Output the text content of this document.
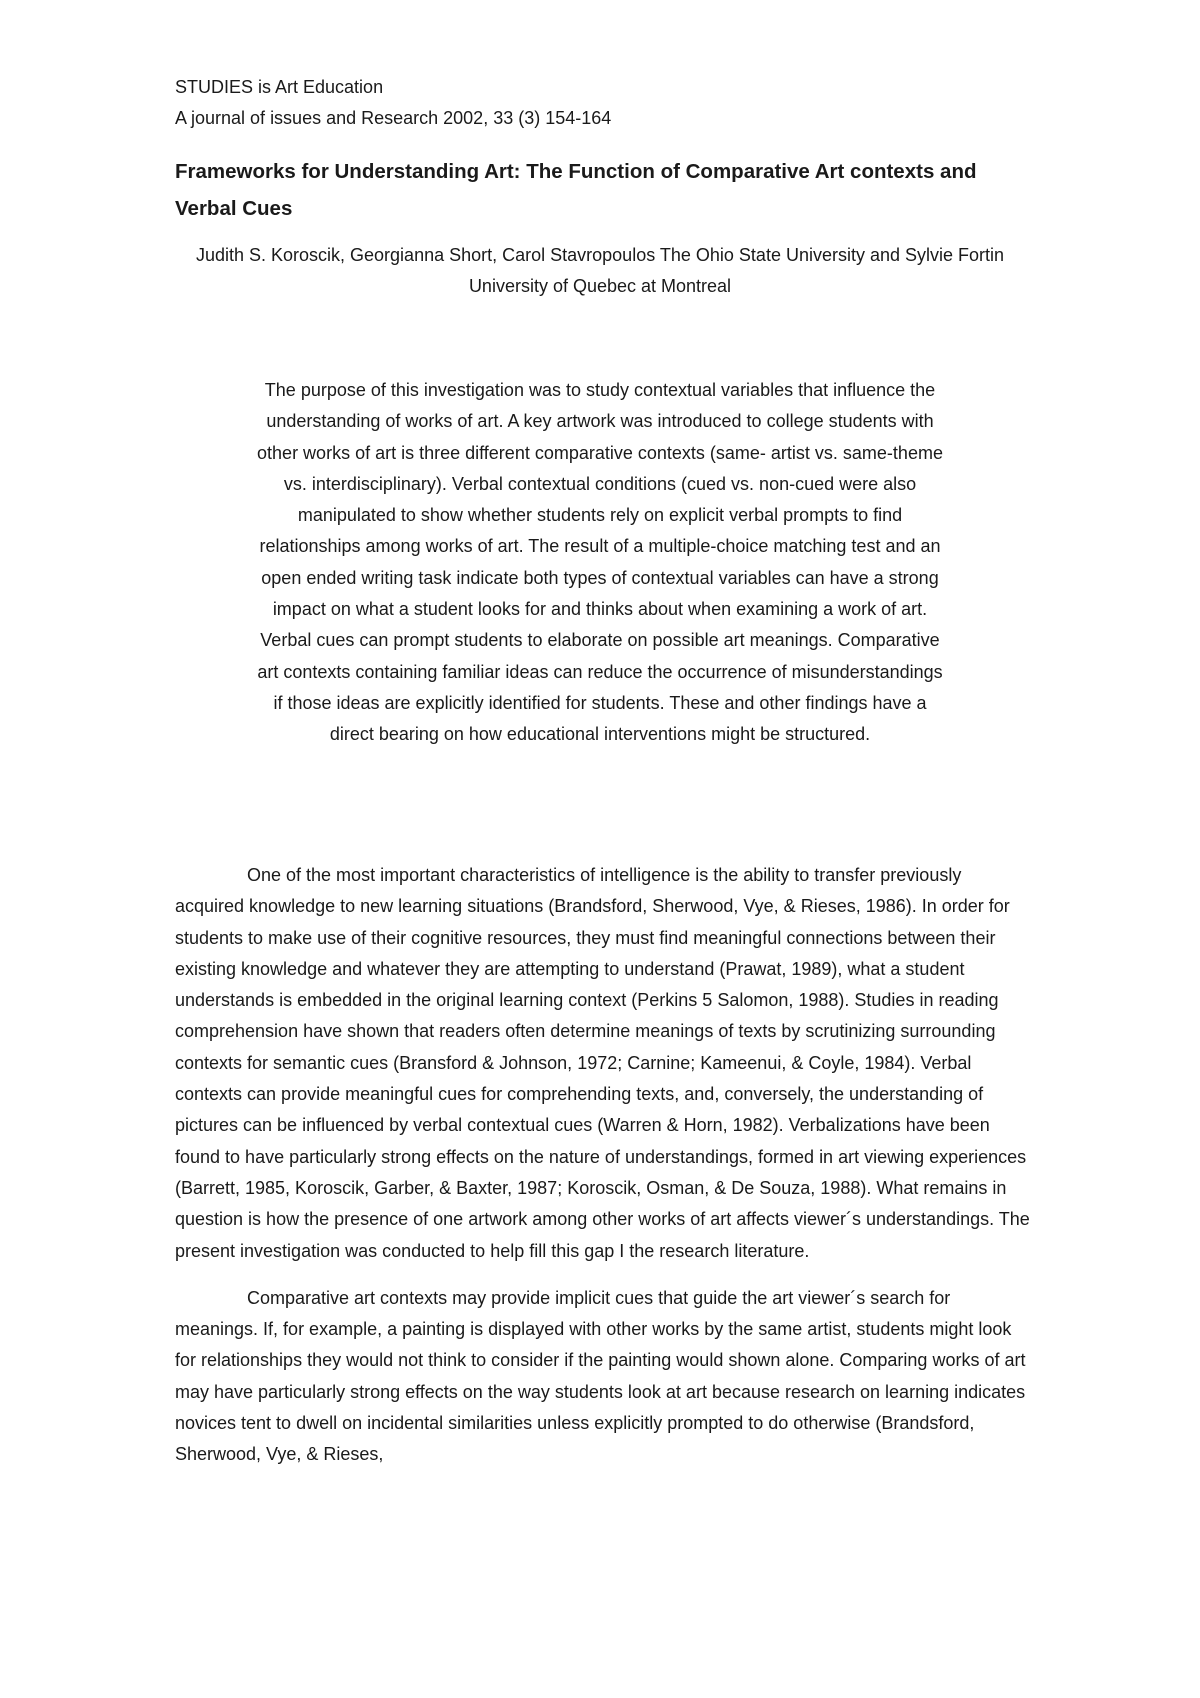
STUDIES is Art Education
A journal of issues and Research 2002, 33 (3) 154-164
Frameworks for Understanding Art: The Function of Comparative Art contexts and Verbal Cues
Judith S. Koroscik, Georgianna Short, Carol Stavropoulos The Ohio State University and Sylvie Fortin University of Quebec at Montreal
The purpose of this investigation was to study contextual variables that influence the understanding of works of art. A key artwork was introduced to college students with other works of art is three different comparative contexts (same- artist vs. same-theme vs. interdisciplinary). Verbal contextual conditions (cued vs. non-cued were also manipulated to show whether students rely on explicit verbal prompts to find relationships among works of art. The result of a multiple-choice matching test and an open ended writing task indicate both types of contextual variables can have a strong impact on what a student looks for and thinks about when examining a work of art. Verbal cues can prompt students to elaborate on possible art meanings. Comparative art contexts containing familiar ideas can reduce the occurrence of misunderstandings if those ideas are explicitly identified for students. These and other findings have a direct bearing on how educational interventions might be structured.

One of the most important characteristics of intelligence is the ability to transfer previously acquired knowledge to new learning situations (Brandsford, Sherwood, Vye, & Rieses, 1986). In order for students to make use of their cognitive resources, they must find meaningful connections between their existing knowledge and whatever they are attempting to understand (Prawat, 1989), what a student understands is embedded in the original learning context (Perkins 5 Salomon, 1988). Studies in reading comprehension have shown that readers often determine meanings of texts by scrutinizing surrounding contexts for semantic cues (Bransford & Johnson, 1972; Carnine; Kameenui, & Coyle, 1984). Verbal contexts can provide meaningful cues for comprehending texts, and, conversely, the understanding of pictures can be influenced by verbal contextual cues (Warren & Horn, 1982). Verbalizations have been found to have particularly strong effects on the nature of understandings, formed in art viewing experiences (Barrett, 1985, Koroscik, Garber, & Baxter, 1987; Koroscik, Osman, & De Souza, 1988). What remains in question is how the presence of one artwork among other works of art affects viewer´s understandings. The present investigation was conducted to help fill this gap I the research literature.

Comparative art contexts may provide implicit cues that guide the art viewer´s search for meanings. If, for example, a painting is displayed with other works by the same artist, students might look for relationships they would not think to consider if the painting would shown alone. Comparing works of art may have particularly strong effects on the way students look at art because research on learning indicates novices tent to dwell on incidental similarities unless explicitly prompted to do otherwise (Brandsford, Sherwood, Vye, & Rieses,
